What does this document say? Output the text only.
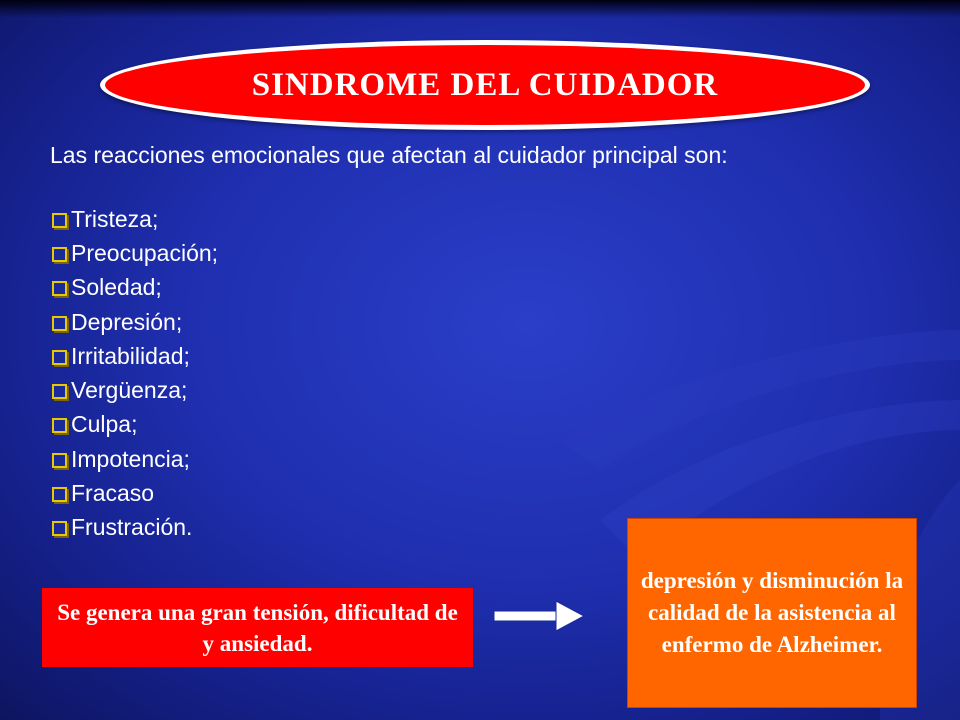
SINDROME DEL CUIDADOR
Las reacciones emocionales que afectan al cuidador principal son:
Tristeza;
Preocupación;
Soledad;
Depresión;
Irritabilidad;
Vergüenza;
Culpa;
Impotencia;
Fracaso
Frustración.
Se genera una gran tensión, dificultad de y ansiedad.
depresión y disminución la calidad de la asistencia al enfermo de Alzheimer.
